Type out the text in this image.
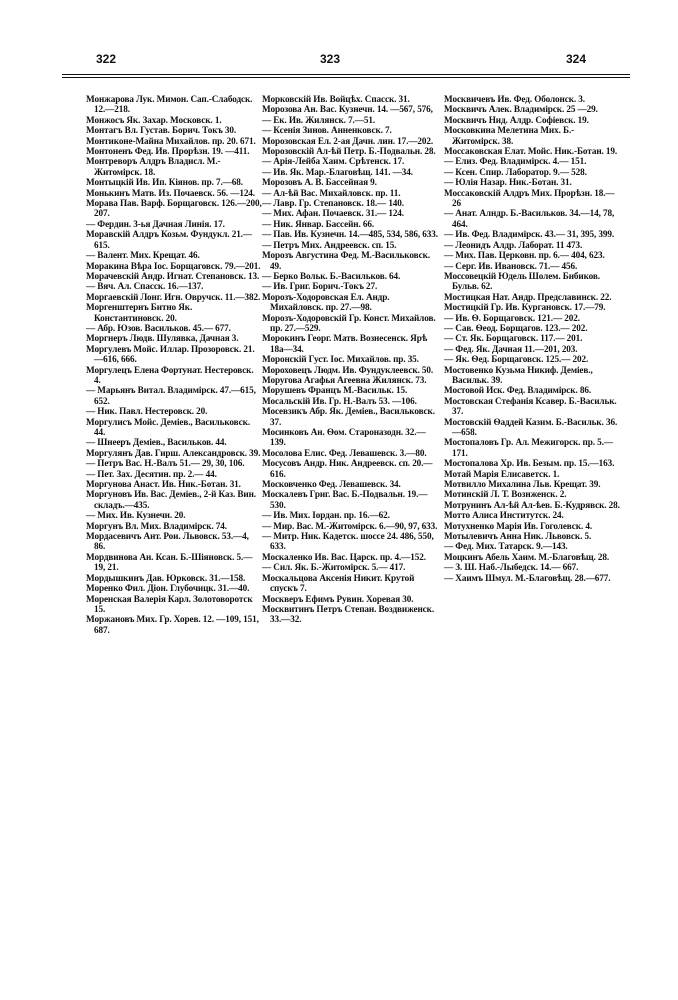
322	323	324
Монжарова Лук. Мимон. Сап.-Слабодск. 12.—218.
Монжосъ Як. Захар. Московск. 1.
Монтагъ Вл. Густав. Борич. Токъ 30.
Монтиконе-Майна Михайлов. пр. 20. 671.
Монтоненъ Фед. Ив. Прорѣзн. 19. —411.
Монтреворъ Алдръ Владисл. М.-Житомірск. 18.
Монтыцкій Ив. Ип. Кіянов. пр. 7.—68.
Монькинъ Матв. Из. Почаевск. 56. —124.
Морава Пав. Варф. Борщаговск. 126.—200, 207.
— Фердин. 3-ья Дачная Линія. 17.
Моравскій Алдръ Козьм. Фундукл. 21.—615.
— Валент. Мих. Крещат. 46.
Моракина Вѣра Іос. Борщаговск. 79.—201.
Морачевскій Андр. Игнат. Степановск. 13.
— Вяч. Ал. Спасск. 16.—137.
Моргаевскій Лонг. Игн. Овручск. 11.—382.
Моргенштернъ Битно Як. Константиновск. 20.
— Абр. Юзов. Васильков. 45.— 677.
Моргнеръ Людв. Шулявка, Дачная 3.
Моргулевъ Мойс. Иллар. Прозоровск. 21.—616, 666.
Моргулецъ Елена Фортунат. Нестеровск. 4.
— Марьянъ Витал. Владимірск. 47.—615, 652.
— Ник. Павл. Нестеровск. 20.
Моргулисъ Мойс. Деміев., Васильковск. 44.
— Шнееръ Деміев., Васильков. 44.
Моргулянъ Дав. Гирш. Александровск. 39.
— Петръ Вас. Н.-Валъ 51.— 29, 30, 106.
— Пет. Зах. Десятин. пр. 2.— 44.
Моргунова Анаст. Ив. Ник.-Ботан. 31.
Моргуновъ Ив. Вас. Деміев., 2-й Каз. Вин. складъ.—435.
— Мих. Ив. Кузнечн. 20.
Моргунъ Вл. Мих. Владимірск. 74.
Мордасевичъ Ант. Рои. Львовск. 53.—4, 86.
Мордвинова Ан. Ксан. Б.-Шіяновск. 5.—19, 21.
Мордышкинъ Дав. Юрковск. 31.—158.
Моренко Фил. Діон. Глубочицк. 31.—40.
Моренская Валерія Карл. Золотоворотск 15.
Моржановъ Мих. Гр. Хорев. 12. —109, 151, 687.
Морковскій Ив. Войцѣх. Спасск. 31.
Морозова Ан. Вас. Кузнечн. 14. —567, 576,
— Ек. Ив. Жилянск. 7.—51.
— Ксенія Зинов. Анненковск. 7.
Морозовская Ел. 2-ая Дачн. лин. 17.—202.
Морозовскій Ал-ѣй Петр. Б.-Подвальн. 28.
— Арія-Лейба Хаим. Срѣтенск. 17.
— Ив. Як. Мар.-Благовѣщ. 141. —34.
Морозовъ А. В. Бассейная 9.
— Ал-ѣй Вас. Михайловск. пр. 11.
— Лавр. Гр. Степановск. 18.— 140.
— Мих. Афан. Почаевск. 31.— 124.
— Ник. Январ. Бассейн. 66.
— Пав. Ив. Кузнечн. 14.—485, 534, 586, 633.
— Петръ Мих. Андреевск. сп. 15.
Морозъ Августина Фед. М.-Васильковск. 49.
— Берко Вольк. Б.-Васильков. 64.
— Ив. Григ. Борич.-Токъ 27.
Морозъ-Ходоровская Ел. Андр. Михайловск. пр. 27.—98.
Морозъ-Ходоровскій Гр. Конст. Михайлов. пр. 27.—529.
Морокинъ Георг. Матв. Вознесенск. Ярѣ 18а—34.
Моронскій Густ. Іос. Михайлов. пр. 35.
Мороховецъ Людм. Ив. Фундуклеевск. 50.
Моругова Агафья Агеевна Жилянск. 73.
Морушевъ Францъ М.-Васильк. 15.
Мосальскій Ив. Гр. Н.-Валъ 53. —106.
Мосевзикъ Абр. Як. Деміев., Васильковск. 37.
Мосинковъ Ан. Ѳом. Староназодн. 32.—139.
Мосолова Елис. Фед. Левашевск. 3.—80.
Мосусовъ Андр. Ник. Андреевск. сп. 20.—616.
Московченко Фед. Левашевск. 34.
Москалевъ Григ. Вас. Б.-Подвальн. 19.—530.
— Ив. Мих. Іордан. пр. 16.—62.
— Мир. Вас. М.-Житомірск. 6.—90, 97, 633.
— Митр. Ник. Кадетск. шоссе 24. 486, 550, 633.
Москаленко Ив. Вас. Царск. пр. 4.—152.
— Сил. Як. Б.-Житомірск. 5.— 417.
Москальцова Аксенія Никит. Крутой спускъ 7.
Москверъ Ефимъ Рувин. Хоревая 30.
Москвитинъ Петръ Степан. Воздвиженск. 33.—32.
Москвичевъ Ив. Фед. Оболонск. 3.
Москвичъ Алек. Владимірск. 25 —29.
Москвичъ Нид. Алдр. Софіевск. 19.
Московкина Мелетина Мих. Б.-Житомірск. 38.
Моссаковская Елат. Мойс. Ник.-Ботан. 19.
— Елиз. Фед. Владимірск. 4.— 151.
— Ксен. Спир. Лаборатор. 9.— 528.
— Юлія Назар. Ник.-Ботан. 31.
Моссаковскій Алдръ Мих. Прорѣзн. 18.—26
— Анат. Алндр. Б.-Васильков. 34.—14, 78, 464.
— Ив. Фед. Владимірск. 43.— 31, 395, 399.
— Леонидъ Алдр. Лаборат. 11 473.
— Мих. Пав. Церковн. пр. 6.— 404, 623.
— Серг. Ив. Ивановск. 71.— 456.
Моссовецкій Юдель Шолем. Бибиков. Бульв. 62.
Мостицкая Нат. Андр. Предславинск. 22.
Мостицкій Гр. Ив. Кургановск. 17.—79.
— Ив. Ѳ. Борщаговск. 121.— 202.
— Сав. Ѳеод. Борщагов. 123.— 202.
— Ст. Як. Борщаговск. 117.— 201.
— Фед. Як. Дачная 11.—201, 203.
— Як. Ѳед. Борщаговск. 125.— 202.
Мостовенко Кузьма Никиф. Деміев., Васильк. 39.
Мостовой Иск. Фед. Владимірск. 86.
Мостовская Стефанія Ксавер. Б.-Васильк. 37.
Мостовскій Ѳаддей Казим. Б.-Васильк. 36.—658.
Мостопаловъ Гр. Ал. Межигорск. пр. 5.—171.
Мостопалова Хр. Ив. Безым. пр. 15.—163.
Мотай Марія Елисаветск. 1.
Мотвилло Михалина Льв. Крещат. 39.
Мотинскій Л. Т. Вознженск. 2.
Мотрунинъ Ал-ѣй Ал-ѣев. Б.-Кудрявск. 28.
Мотто Алиса Институтск. 24.
Мотухненко Марія Ив. Гоголевск. 4.
Мотылевичъ Анна Ник. Львовск. 5.
— Фед. Мих. Татарск. 9.—143.
Моцкинъ Абель Хаим. М.-Благовѣщ. 28.
— З. Ш. Наб.-Лыбедск. 14.— 667.
— Хаимъ Шмул. М.-Благовѣщ. 28.—677.
